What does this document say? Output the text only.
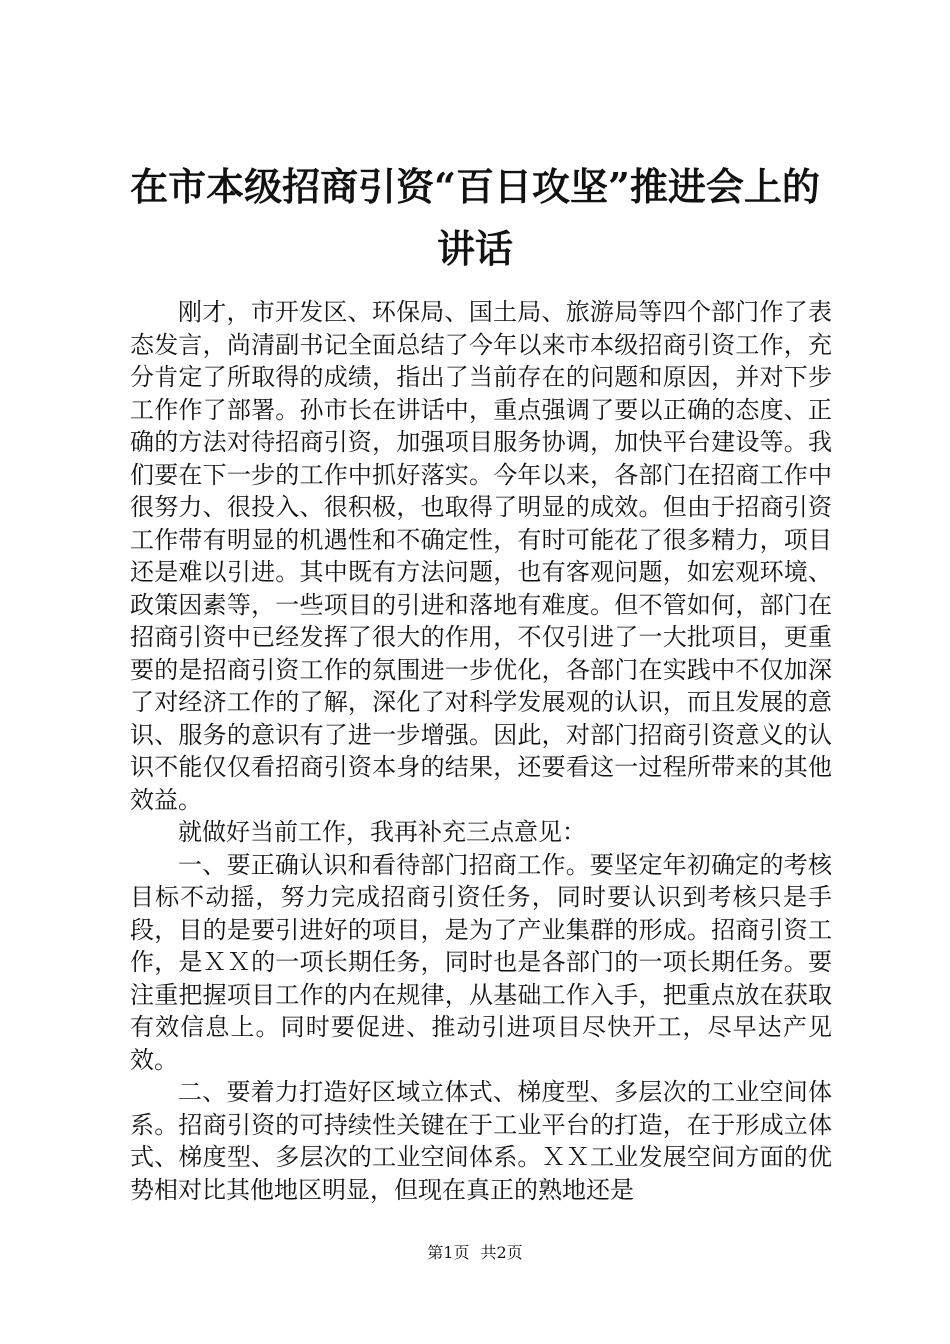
在市本级招商引资“百日攻坚”推进会上的讲话

刚才，市开发区、环保局、国土局、旅游局等四个部门作了表态发言，尚清副书记全面总结了今年以来市本级招商引资工作，充分肯定了所取得的成绩，指出了当前存在的问题和原因，并对下步工作作了部署。孙市长在讲话中，重点强调了要以正确的态度、正确的方法对待招商引资，加强项目服务协调，加快平台建设等。我们要在下一步的工作中抓好落实。今年以来，各部门在招商工作中很努力、很投入、很积极，也取得了明显的成效。但由于招商引资工作带有明显的机遇性和不确定性，有时可能花了很多精力，项目还是难以引进。其中既有方法问题，也有客观问题，如宏观环境、政策因素等，一些项目的引进和落地有难度。但不管如何，部门在招商引资中已经发挥了很大的作用，不仅引进了一大批项目，更重要的是招商引资工作的氛围进一步优化，各部门在实践中不仅加深了对经济工作的了解，深化了对科学发展观的认识，而且发展的意识、服务的意识有了进一步增强。因此，对部门招商引资意义的认识不能仅仅看招商引资本身的结果，还要看这一过程所带来的其他效益。

就做好当前工作，我再补充三点意见：

一、要正确认识和看待部门招商工作。要坚定年初确定的考核目标不动摇，努力完成招商引资任务，同时要认识到考核只是手段，目的是要引进好的项目，是为了产业集群的形成。招商引资工作，是ＸＸ的一项长期任务，同时也是各部门的一项长期任务。要注重把握项目工作的内在规律，从基础工作入手，把重点放在获取有效信息上。同时要促进、推动引进项目尽快开工，尽早达产见效。

二、要着力打造好区域立体式、梯度型、多层次的工业空间体系。招商引资的可持续性关键在于工业平台的打造，在于形成立体式、梯度型、多层次的工业空间体系。ＸＸ工业发展空间方面的优势相对比其他地区明显，但现在真正的熟地还是

第1页 共2页
